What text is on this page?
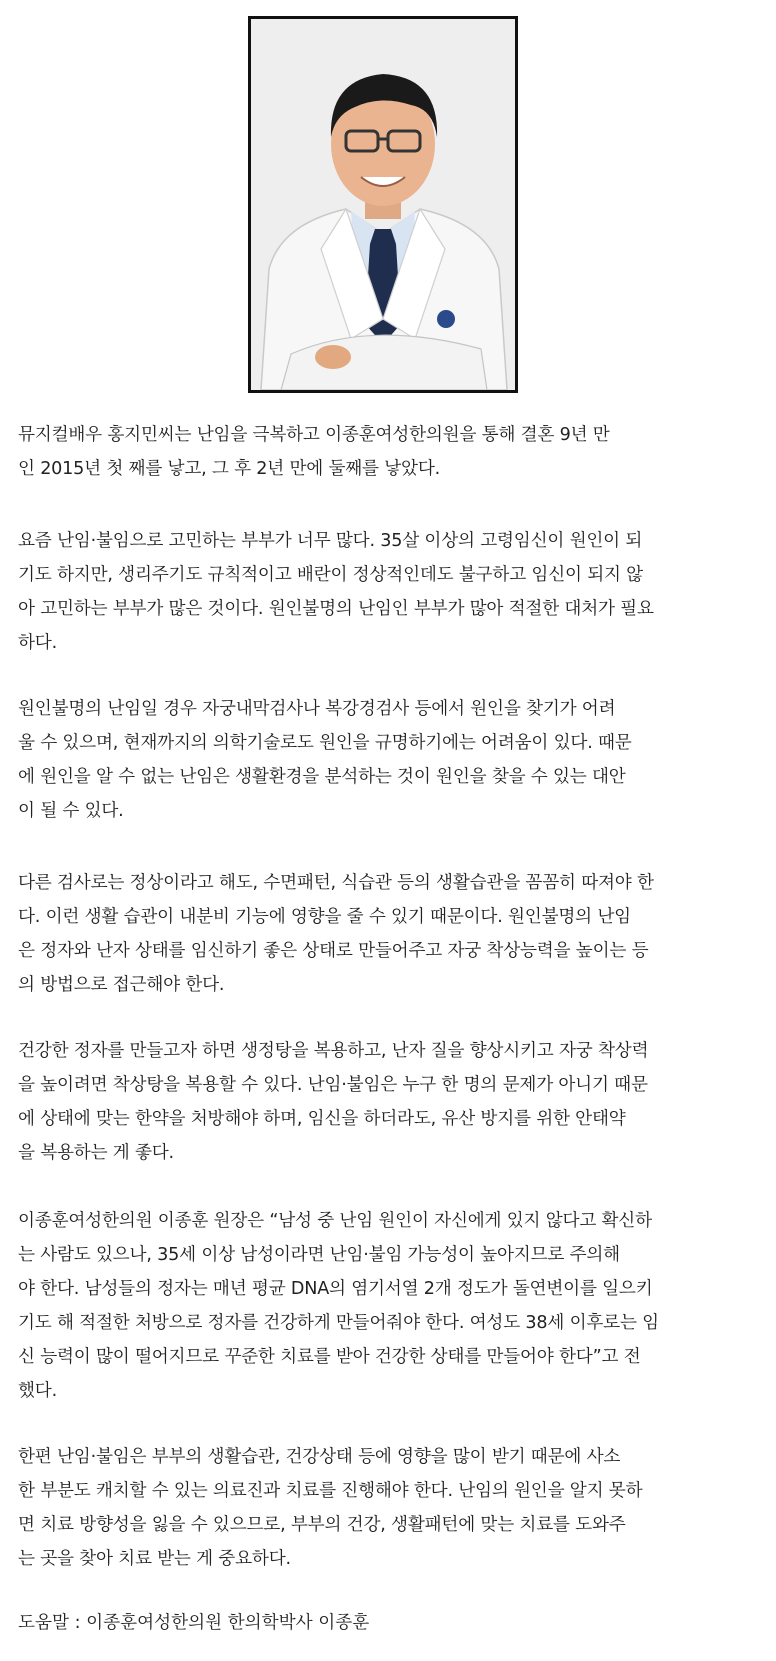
뮤지컬배우 홍지민씨는 난임을 극복하고 이종훈여성한의원을 통해 결혼 9년 만
인 2015년 첫 째를 낳고, 그 후 2년 만에 둘째를 낳았다.

요즘 난임·불임으로 고민하는 부부가 너무 많다. 35살 이상의 고령임신이 원인이 되
기도 하지만, 생리주기도 규칙적이고 배란이 정상적인데도 불구하고 임신이 되지 않
아 고민하는 부부가 많은 것이다. 원인불명의 난임인 부부가 많아 적절한 대처가 필요
하다.

원인불명의 난임일 경우 자궁내막검사나 복강경검사 등에서 원인을 찾기가 어려
울 수 있으며, 현재까지의 의학기술로도 원인을 규명하기에는 어려움이 있다. 때문
에 원인을 알 수 없는 난임은 생활환경을 분석하는 것이 원인을 찾을 수 있는 대안
이 될 수 있다.

다른 검사로는 정상이라고 해도, 수면패턴, 식습관 등의 생활습관을 꼼꼼히 따져야 한
다. 이런 생활 습관이 내분비 기능에 영향을 줄 수 있기 때문이다. 원인불명의 난임
은 정자와 난자 상태를 임신하기 좋은 상태로 만들어주고 자궁 착상능력을 높이는 등
의 방법으로 접근해야 한다.

건강한 정자를 만들고자 하면 생정탕을 복용하고, 난자 질을 향상시키고 자궁 착상력
을 높이려면 착상탕을 복용할 수 있다. 난임·불임은 누구 한 명의 문제가 아니기 때문
에 상태에 맞는 한약을 처방해야 하며, 임신을 하더라도, 유산 방지를 위한 안태약
을 복용하는 게 좋다.

이종훈여성한의원 이종훈 원장은 “남성 중 난임 원인이 자신에게 있지 않다고 확신하
는 사람도 있으나, 35세 이상 남성이라면 난임·불임 가능성이 높아지므로 주의해
야 한다. 남성들의 정자는 매년 평균 DNA의 염기서열 2개 정도가 돌연변이를 일으키
기도 해 적절한 처방으로 정자를 건강하게 만들어줘야 한다. 여성도 38세 이후로는 임
신 능력이 많이 떨어지므로 꾸준한 치료를 받아 건강한 상태를 만들어야 한다”고 전
했다.

한편 난임·불임은 부부의 생활습관, 건강상태 등에 영향을 많이 받기 때문에 사소
한 부분도 캐치할 수 있는 의료진과 치료를 진행해야 한다. 난임의 원인을 알지 못하
면 치료 방향성을 잃을 수 있으므로, 부부의 건강, 생활패턴에 맞는 치료를 도와주
는 곳을 찾아 치료 받는 게 중요하다.

도움말 : 이종훈여성한의원 한의학박사 이종훈
